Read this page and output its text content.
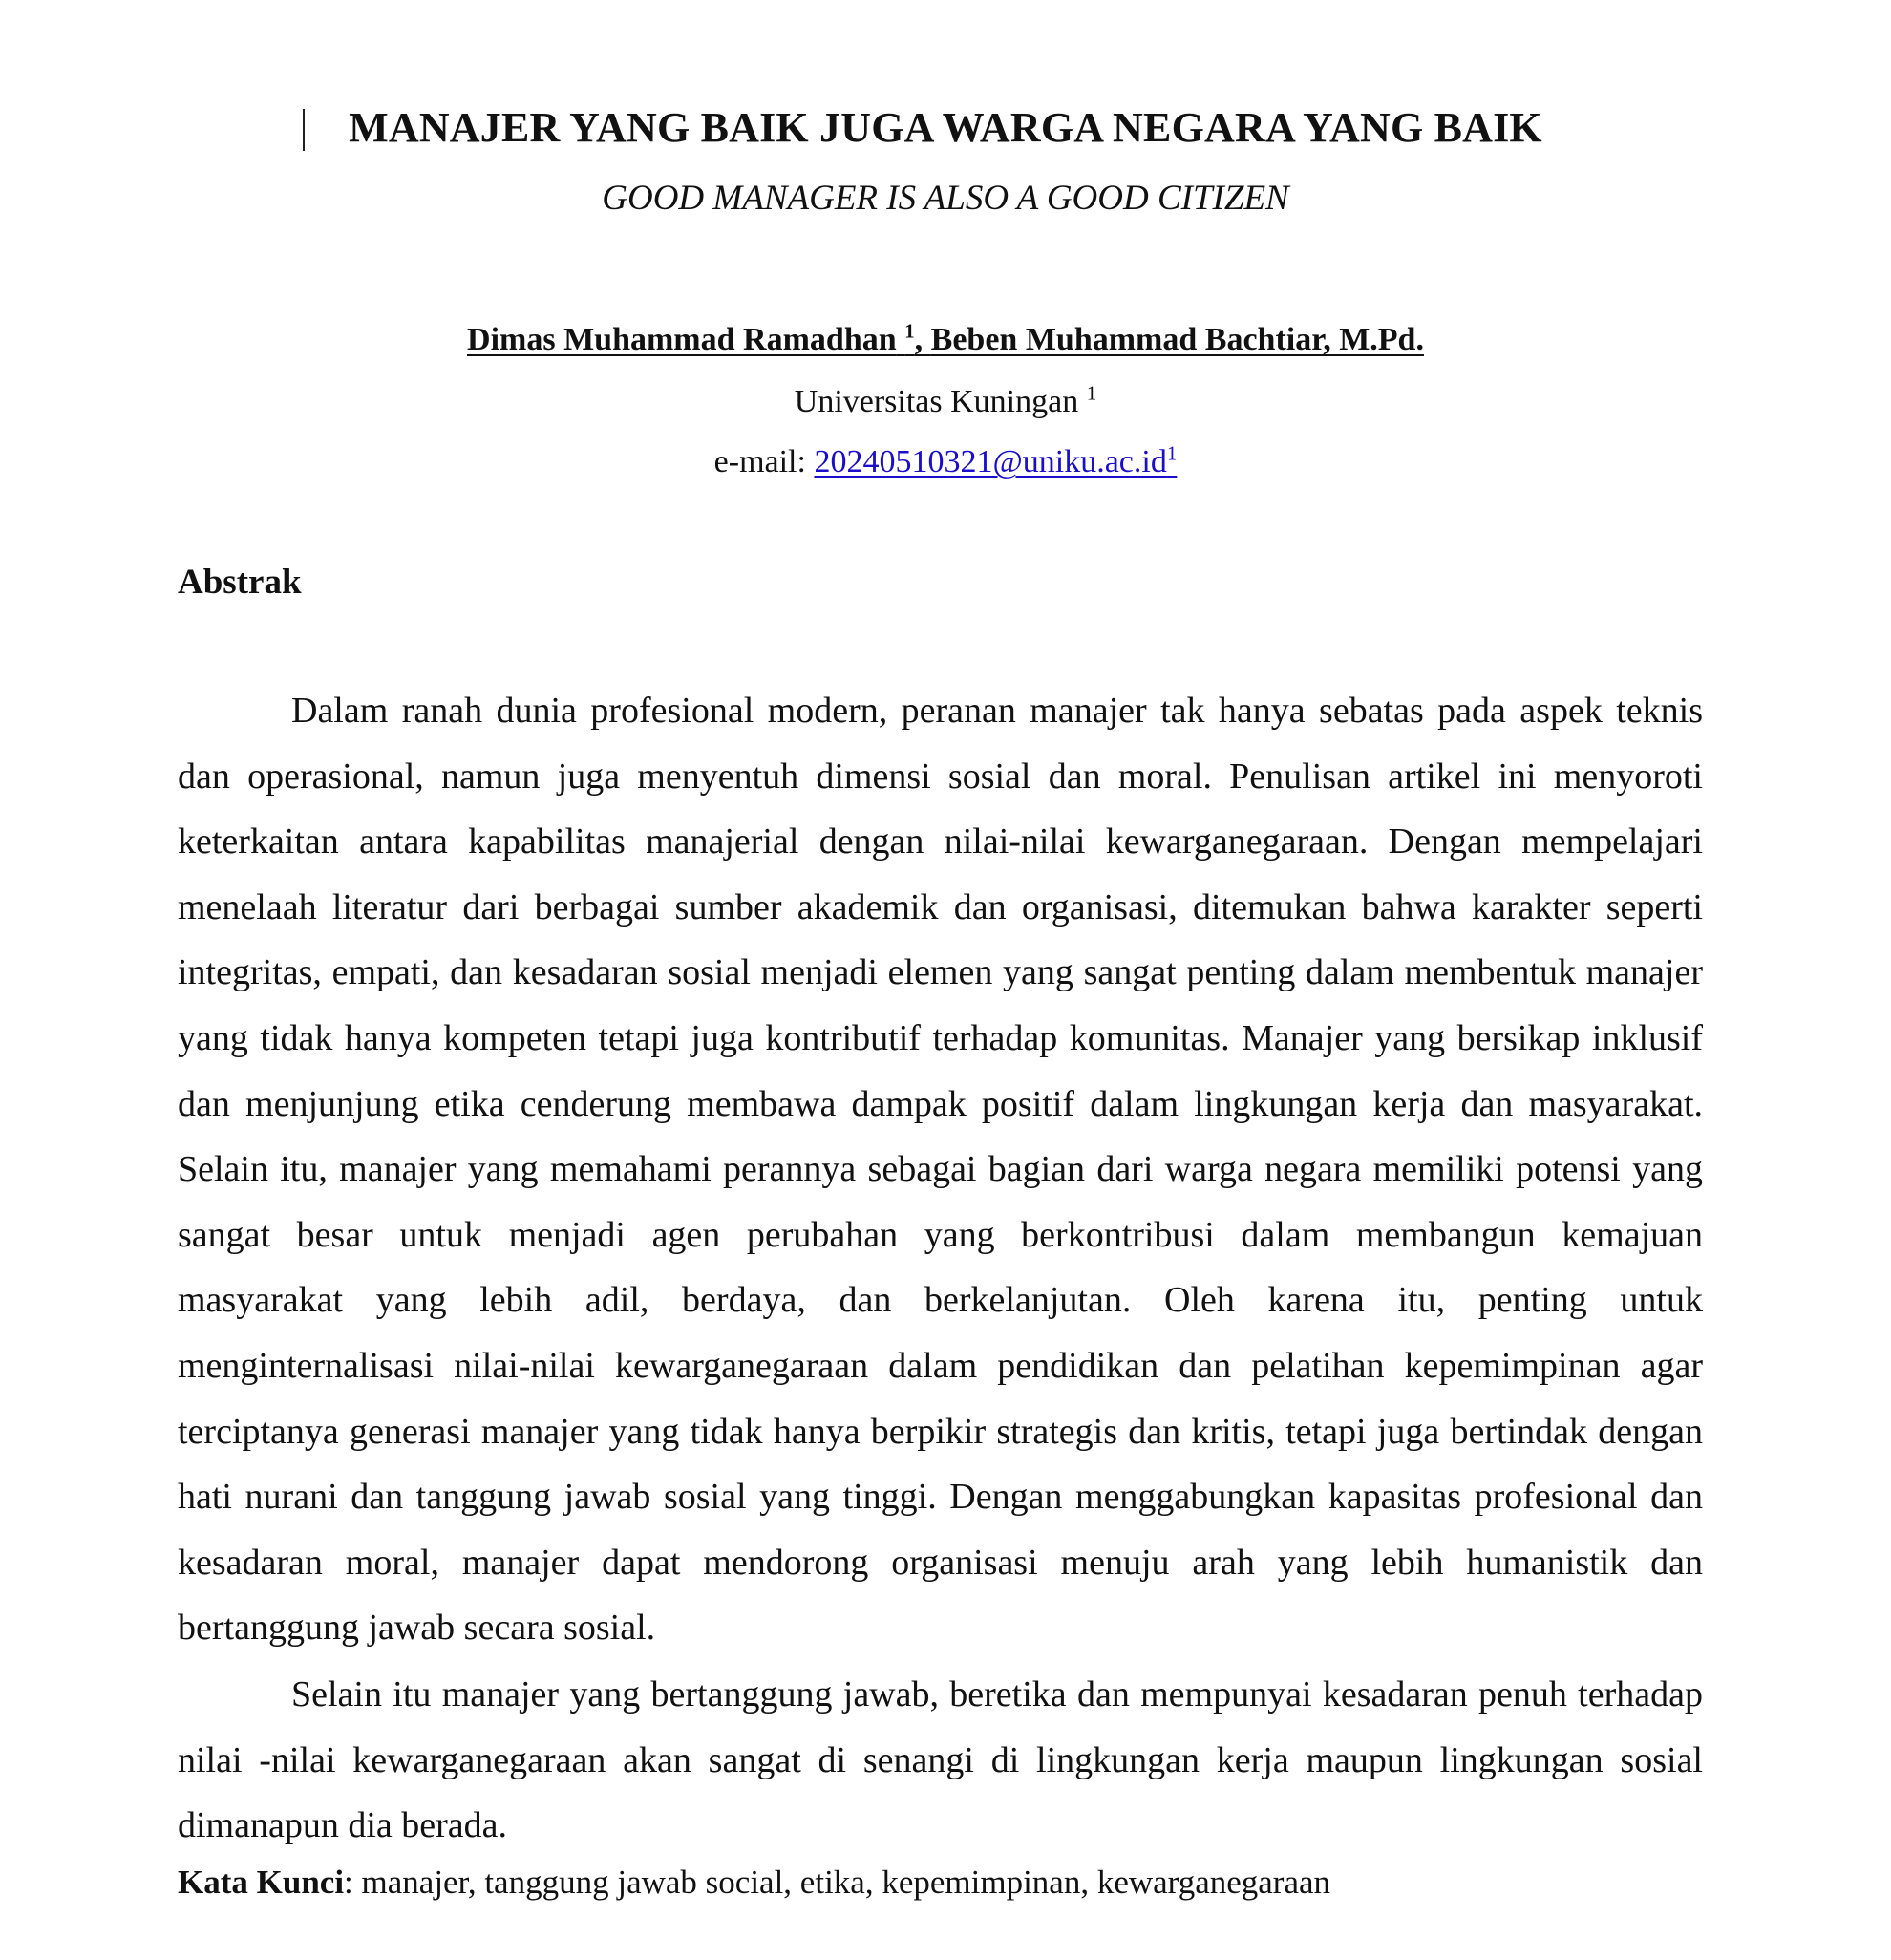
MANAJER YANG BAIK JUGA WARGA NEGARA YANG BAIK
GOOD MANAGER IS ALSO A GOOD CITIZEN
Dimas Muhammad Ramadhan $^1$, Beben Muhammad Bachtiar, M.Pd.
Universitas Kuningan $^1$
e-mail: $20240510321@uniku.ac.id^1$
Abstrak

Dalam ranah dunia profesional modern, peranan manajer tak hanya sebatas pada aspek teknis dan operasional, namun juga menyentuh dimensi sosial dan moral. Penulisan artikel ini menyoroti keterkaitan antara kapabilitas manajerial dengan nilai-nilai kewarganegaraan. Dengan mempelajari menelaah literatur dari berbagai sumber akademik dan organisasi, ditemukan bahwa karakter seperti integritas, empati, dan kesadaran sosial menjadi elemen yang sangat penting dalam membentuk manajer yang tidak hanya kompeten tetapi juga kontributif terhadap komunitas. Manajer yang bersikap inklusif dan menjunjung etika cenderung membawa dampak positif dalam lingkungan kerja dan masyarakat. Selain itu, manajer yang memahami perannya sebagai bagian dari warga negara memiliki potensi yang sangat besar untuk menjadi agen perubahan yang berkontribusi dalam membangun kemajuan masyarakat yang lebih adil, berdaya, dan berkelanjutan. Oleh karena itu, penting untuk menginternalisasi nilai-nilai kewarganegaraan dalam pendidikan dan pelatihan kepemimpinan agar terciptanya generasi manajer yang tidak hanya berpikir strategis dan kritis, tetapi juga bertindak dengan hati nurani dan tanggung jawab sosial yang tinggi. Dengan menggabungkan kapasitas profesional dan kesadaran moral, manajer dapat mendorong organisasi menuju arah yang lebih humanistik dan bertanggung jawab secara sosial.

Selain itu manajer yang bertanggung jawab, beretika dan mempunyai kesadaran penuh terhadap nilai -nilai kewarganegaraan akan sangat di senangi di lingkungan kerja maupun lingkungan sosial dimanapun dia berada.

Kata Kunci: manajer, tanggung jawab social, etika, kepemimpinan, kewarganegaraan
